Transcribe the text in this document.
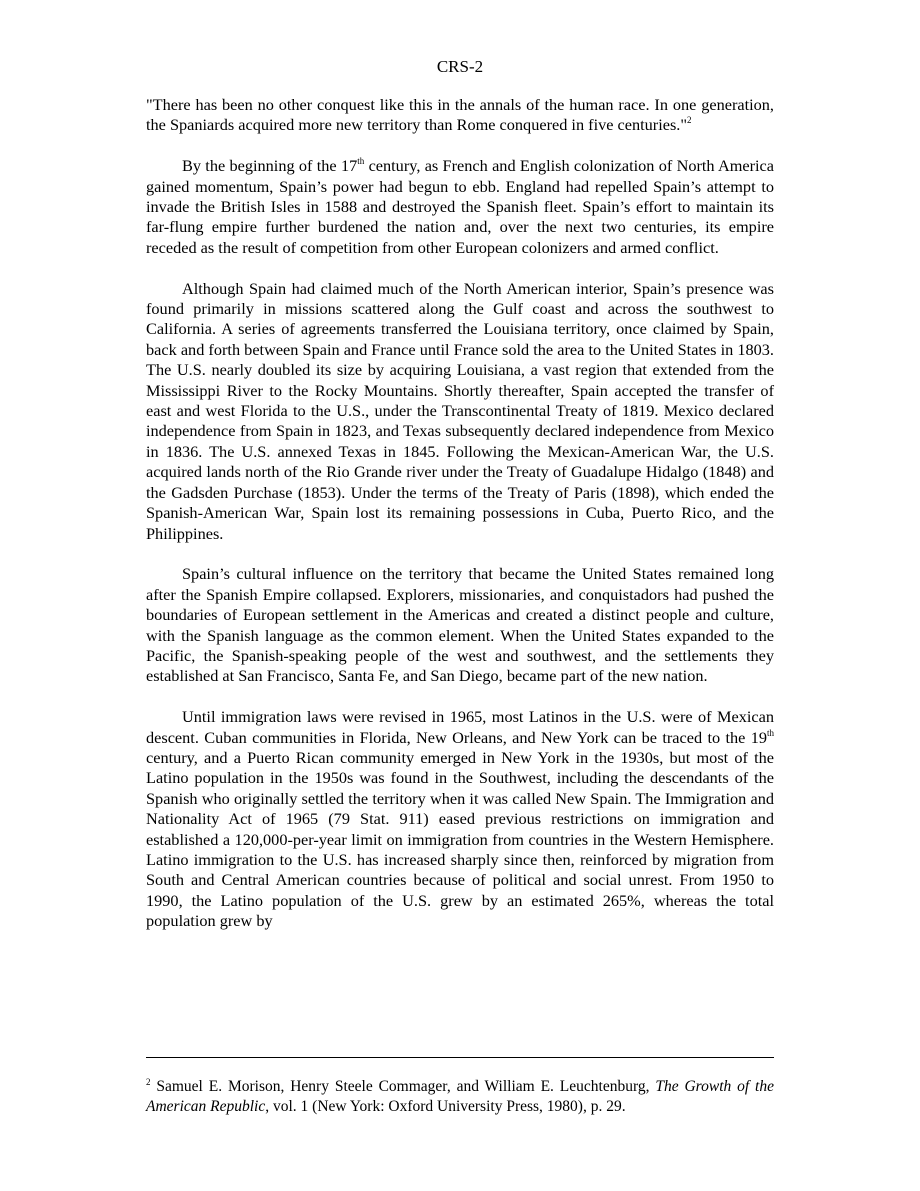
CRS-2

"There has been no other conquest like this in the annals of the human race. In one generation, the Spaniards acquired more new territory than Rome conquered in five centuries."$^2$

By the beginning of the 17th century, as French and English colonization of North America gained momentum, Spain’s power had begun to ebb. England had repelled Spain’s attempt to invade the British Isles in 1588 and destroyed the Spanish fleet. Spain’s effort to maintain its far-flung empire further burdened the nation and, over the next two centuries, its empire receded as the result of competition from other European colonizers and armed conflict.

Although Spain had claimed much of the North American interior, Spain’s presence was found primarily in missions scattered along the Gulf coast and across the southwest to California. A series of agreements transferred the Louisiana territory, once claimed by Spain, back and forth between Spain and France until France sold the area to the United States in 1803. The U.S. nearly doubled its size by acquiring Louisiana, a vast region that extended from the Mississippi River to the Rocky Mountains. Shortly thereafter, Spain accepted the transfer of east and west Florida to the U.S., under the Transcontinental Treaty of 1819. Mexico declared independence from Spain in 1823, and Texas subsequently declared independence from Mexico in 1836. The U.S. annexed Texas in 1845. Following the Mexican-American War, the U.S. acquired lands north of the Rio Grande river under the Treaty of Guadalupe Hidalgo (1848) and the Gadsden Purchase (1853). Under the terms of the Treaty of Paris (1898), which ended the Spanish-American War, Spain lost its remaining possessions in Cuba, Puerto Rico, and the Philippines.

Spain’s cultural influence on the territory that became the United States remained long after the Spanish Empire collapsed. Explorers, missionaries, and conquistadors had pushed the boundaries of European settlement in the Americas and created a distinct people and culture, with the Spanish language as the common element. When the United States expanded to the Pacific, the Spanish-speaking people of the west and southwest, and the settlements they established at San Francisco, Santa Fe, and San Diego, became part of the new nation.

Until immigration laws were revised in 1965, most Latinos in the U.S. were of Mexican descent. Cuban communities in Florida, New Orleans, and New York can be traced to the 19th century, and a Puerto Rican community emerged in New York in the 1930s, but most of the Latino population in the 1950s was found in the Southwest, including the descendants of the Spanish who originally settled the territory when it was called New Spain. The Immigration and Nationality Act of 1965 (79 Stat. 911) eased previous restrictions on immigration and established a 120,000-per-year limit on immigration from countries in the Western Hemisphere. Latino immigration to the U.S. has increased sharply since then, reinforced by migration from South and Central American countries because of political and social unrest. From 1950 to 1990, the Latino population of the U.S. grew by an estimated 265%, whereas the total population grew by

$^2$ Samuel E. Morison, Henry Steele Commager, and William E. Leuchtenburg, The Growth of the American Republic, vol. 1 (New York: Oxford University Press, 1980), p. 29.
